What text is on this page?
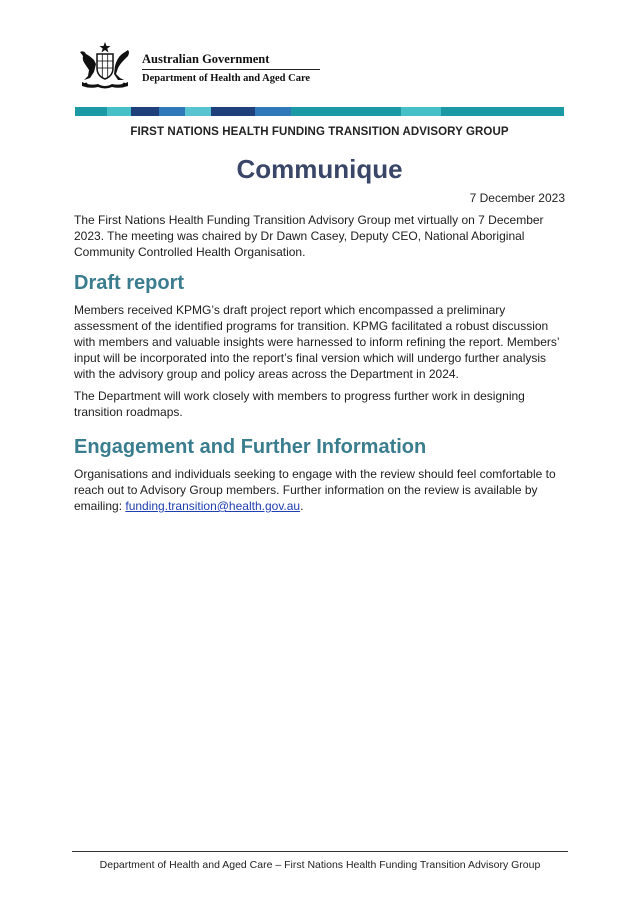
Australian Government
Department of Health and Aged Care
FIRST NATIONS HEALTH FUNDING TRANSITION ADVISORY GROUP
Communique
7 December 2023

The First Nations Health Funding Transition Advisory Group met virtually on 7 December 2023. The meeting was chaired by Dr Dawn Casey, Deputy CEO, National Aboriginal Community Controlled Health Organisation.

Draft report

Members received KPMG’s draft project report which encompassed a preliminary assessment of the identified programs for transition. KPMG facilitated a robust discussion with members and valuable insights were harnessed to inform refining the report. Members’ input will be incorporated into the report’s final version which will undergo further analysis with the advisory group and policy areas across the Department in 2024.

The Department will work closely with members to progress further work in designing transition roadmaps.

Engagement and Further Information

Organisations and individuals seeking to engage with the review should feel comfortable to reach out to Advisory Group members. Further information on the review is available by emailing: funding.transition@health.gov.au.

Department of Health and Aged Care – First Nations Health Funding Transition Advisory Group
